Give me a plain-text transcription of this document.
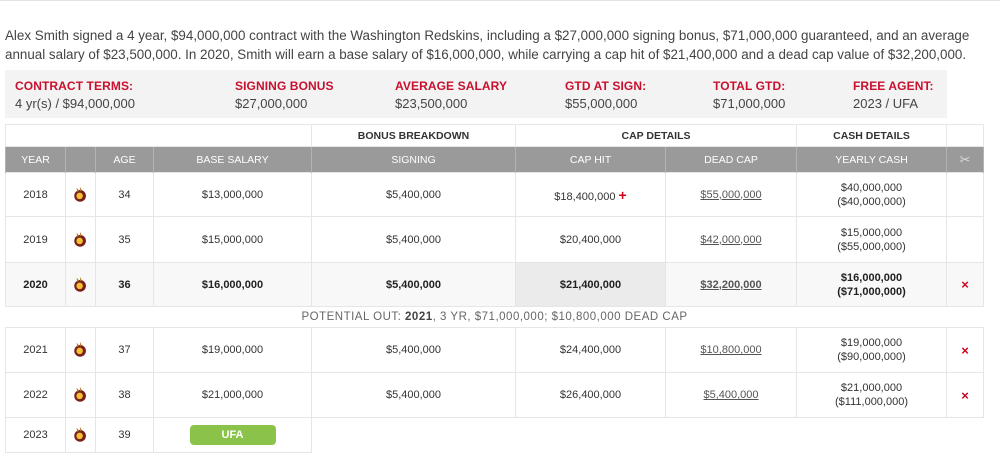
Alex Smith signed a 4 year, $94,000,000 contract with the Washington Redskins, including a $27,000,000 signing bonus, $71,000,000 guaranteed, and an average annual salary of $23,500,000. In 2020, Smith will earn a base salary of $16,000,000, while carrying a cap hit of $21,400,000 and a dead cap value of $32,200,000.

CONTRACT TERMS:
4 yr(s) / $94,000,000
SIGNING BONUS
$27,000,000
AVERAGE SALARY
$23,500,000
GTD AT SIGN:
$55,000,000
TOTAL GTD:
$71,000,000
FREE AGENT:
2023 / UFA
				BONUS BREAKDOWN	CAP DETAILS		CASH DETAILS	
YEAR		AGE	BASE SALARY	SIGNING	CAP HIT	DEAD CAP	YEARLY CASH	✂
2018		34	$13,000,000	$5,400,000	$18,400,000 +	$55,000,000	$40,000,000
($40,000,000)	

2019		35	$15,000,000	$5,400,000	$20,400,000	$42,000,000	$15,000,000
($55,000,000)	

2020		36	$16,000,000	$5,400,000	$21,400,000	$32,200,000	$16,000,000
($71,000,000)	×
POTENTIAL OUT: 2021, 3 YR, $71,000,000; $10,800,000 DEAD CAP								
2021		37	$19,000,000	$5,400,000	$24,400,000	$10,800,000	$19,000,000
($90,000,000)	×
2022		38	$21,000,000	$5,400,000	$26,400,000	$5,400,000	$21,000,000
($111,000,000)	×
2023		39	UFA					
